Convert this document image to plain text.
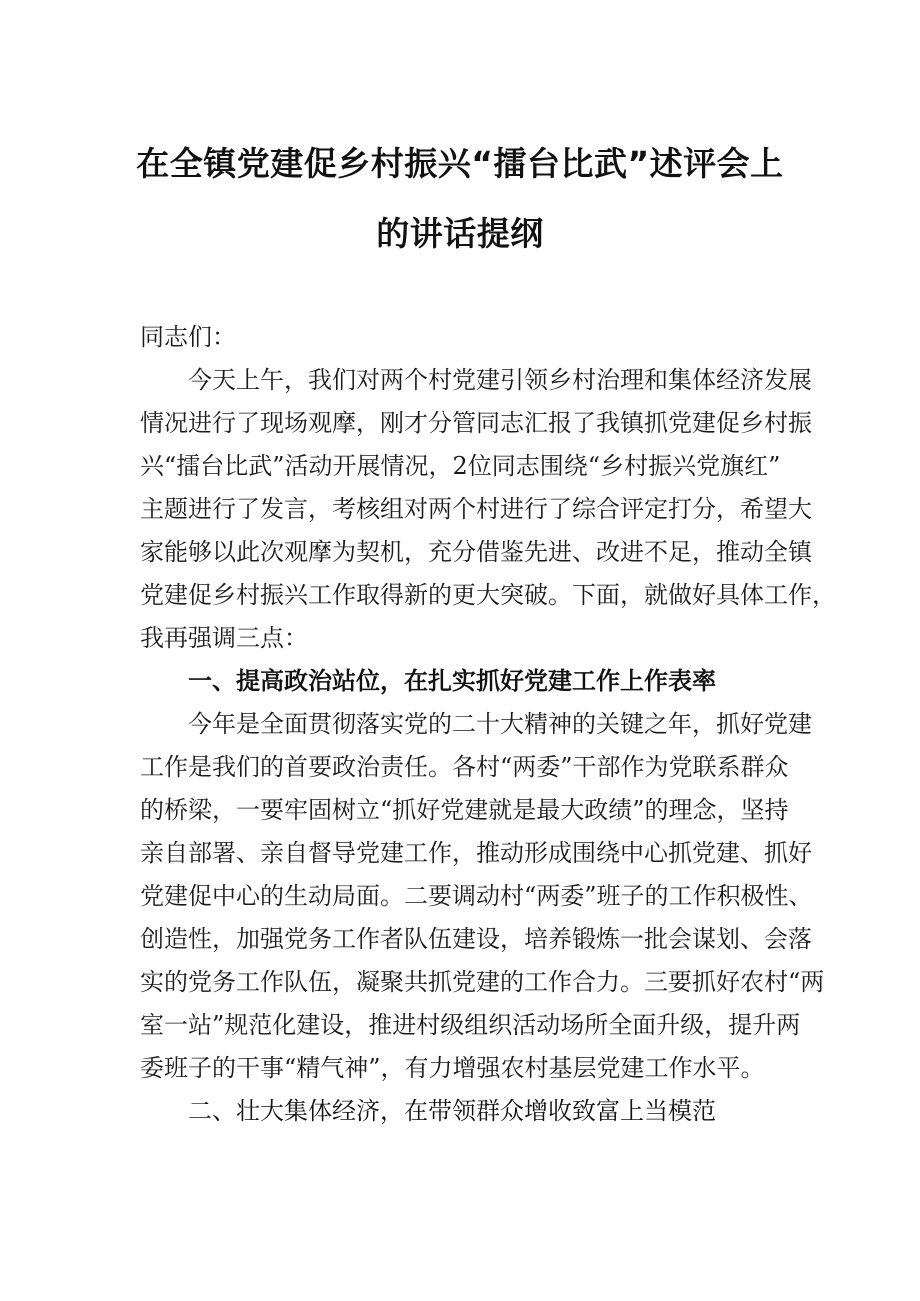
在全镇党建促乡村振兴“擂台比武”述评会上
的讲话提纲
同志们：
今天上午，我们对两个村党建引领乡村治理和集体经济发展
情况进行了现场观摩，刚才分管同志汇报了我镇抓党建促乡村振
兴“擂台比武”活动开展情况，2位同志围绕“乡村振兴党旗红”
主题进行了发言，考核组对两个村进行了综合评定打分，希望大
家能够以此次观摩为契机，充分借鉴先进、改进不足，推动全镇
党建促乡村振兴工作取得新的更大突破。下面，就做好具体工作，
我再强调三点：
一、提高政治站位，在扎实抓好党建工作上作表率
今年是全面贯彻落实党的二十大精神的关键之年，抓好党建
工作是我们的首要政治责任。各村“两委”干部作为党联系群众
的桥梁，一要牢固树立“抓好党建就是最大政绩”的理念，坚持
亲自部署、亲自督导党建工作，推动形成围绕中心抓党建、抓好
党建促中心的生动局面。二要调动村“两委”班子的工作积极性、
创造性，加强党务工作者队伍建设，培养锻炼一批会谋划、会落
实的党务工作队伍，凝聚共抓党建的工作合力。三要抓好农村“两
室一站”规范化建设，推进村级组织活动场所全面升级，提升两
委班子的干事“精气神”，有力增强农村基层党建工作水平。
二、壮大集体经济，在带领群众增收致富上当模范
